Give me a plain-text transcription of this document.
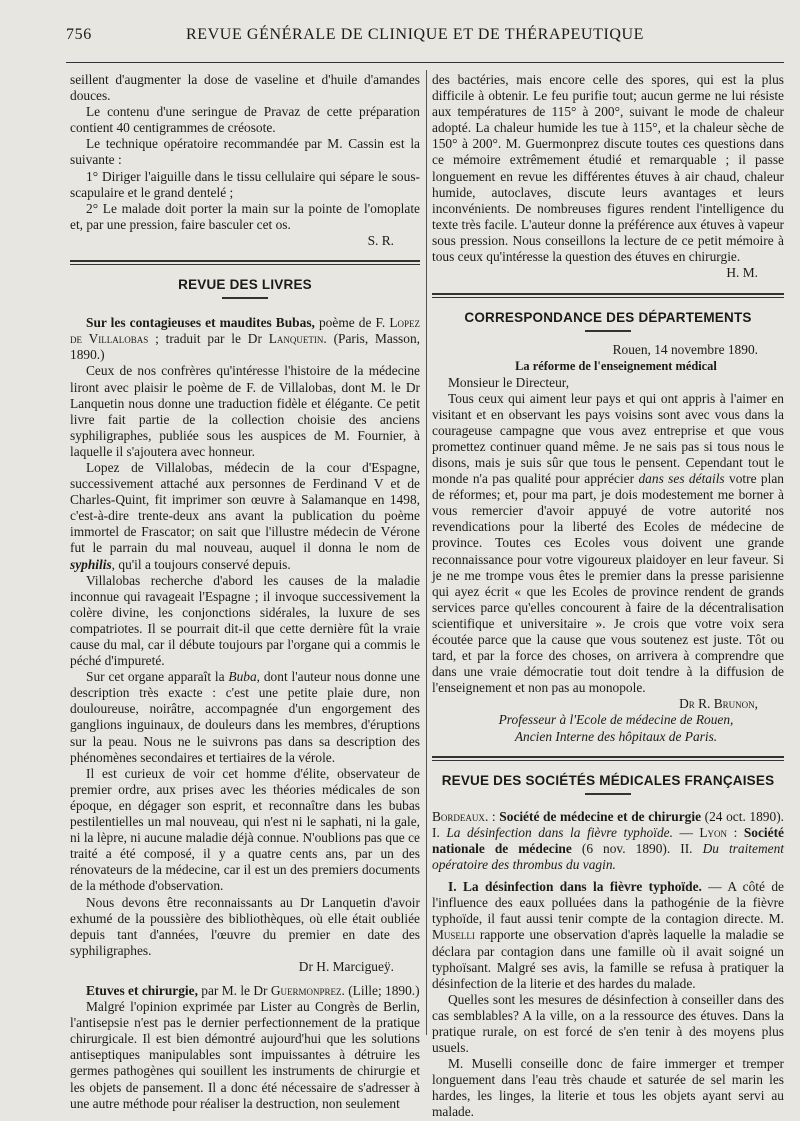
756	REVUE GÉNÉRALE DE CLINIQUE ET DE THÉRAPEUTIQUE

seillent d'augmenter la dose de vaseline et d'huile d'amandes douces.

Le contenu d'une seringue de Pravaz de cette préparation contient 40 centigrammes de créosote.

Le technique opératoire recommandée par M. Cassin est la suivante :

1° Diriger l'aiguille dans le tissu cellulaire qui sépare le sous-scapulaire et le grand dentelé ;

2° Le malade doit porter la main sur la pointe de l'omoplate et, par une pression, faire basculer cet os.

S. R.

REVUE DES LIVRES

Sur les contagieuses et maudites Bubas, poème de F. Lopez de Villalobas ; traduit par le Dr Lanquetin. (Paris, Masson, 1890.)

Ceux de nos confrères qu'intéresse l'histoire de la médecine liront avec plaisir le poème de F. de Villalobas, dont M. le Dr Lanquetin nous donne une traduction fidèle et élégante. Ce petit livre fait partie de la collection choisie des anciens syphiligraphes, publiée sous les auspices de M. Fournier, à laquelle il s'ajoutera avec honneur.

Lopez de Villalobas, médecin de la cour d'Espagne, successivement attaché aux personnes de Ferdinand V et de Charles-Quint, fit imprimer son œuvre à Salamanque en 1498, c'est-à-dire trente-deux ans avant la publication du poème immortel de Frascator; on sait que l'illustre médecin de Vérone fut le parrain du mal nouveau, auquel il donna le nom de syphilis, qu'il a toujours conservé depuis.

Villalobas recherche d'abord les causes de la maladie inconnue qui ravageait l'Espagne ; il invoque successivement la colère divine, les conjonctions sidérales, la luxure de ses compatriotes. Il se pourrait dit-il que cette dernière fût la vraie cause du mal, car il débute toujours par l'organe qui a commis le péché d'impureté.

Sur cet organe apparaît la Buba, dont l'auteur nous donne une description très exacte : c'est une petite plaie dure, non douloureuse, noirâtre, accompagnée d'un engorgement des ganglions inguinaux, de douleurs dans les membres, d'éruptions sur la peau. Nous ne le suivrons pas dans sa description des phénomènes secondaires et tertiaires de la vérole.

Il est curieux de voir cet homme d'élite, observateur de premier ordre, aux prises avec les théories médicales de son époque, en dégager son esprit, et reconnaître dans les bubas pestilentielles un mal nouveau, qui n'est ni le saphati, ni la gale, ni la lèpre, ni aucune maladie déjà connue. N'oublions pas que ce traité a été composé, il y a quatre cents ans, par un des rénovateurs de la médecine, car il est un des premiers documents de la méthode d'observation.

Nous devons être reconnaissants au Dr Lanquetin d'avoir exhumé de la poussière des bibliothèques, où elle était oubliée depuis tant d'années, l'œuvre du premier en date des syphiligraphes.

Dr H. Marcigueÿ.

Etuves et chirurgie, par M. le Dr Guermonprez. (Lille; 1890.)

Malgré l'opinion exprimée par Lister au Congrès de Berlin, l'antisepsie n'est pas le dernier perfectionnement de la pratique chirurgicale. Il est bien démontré aujourd'hui que les solutions antiseptiques manipulables sont impuissantes à détruire les germes pathogènes qui souillent les instruments de chirurgie et les objets de pansement. Il a donc été nécessaire de s'adresser à une autre méthode pour réaliser la destruction, non seulement

des bactéries, mais encore celle des spores, qui est la plus difficile à obtenir. Le feu purifie tout; aucun germe ne lui résiste aux températures de 115° à 200°, suivant le mode de chaleur adopté. La chaleur humide les tue à 115°, et la chaleur sèche de 150° à 200°. M. Guermonprez discute toutes ces questions dans ce mémoire extrêmement étudié et remarquable ; il passe longuement en revue les différentes étuves à air chaud, chaleur humide, autoclaves, discute leurs avantages et leurs inconvénients. De nombreuses figures rendent l'intelligence du texte très facile. L'auteur donne la préférence aux étuves à vapeur sous pression. Nous conseillons la lecture de ce petit mémoire à tous ceux qu'intéresse la question des étuves en chirurgie.

H. M.

CORRESPONDANCE DES DÉPARTEMENTS

Rouen, 14 novembre 1890.

La réforme de l'enseignement médical

Monsieur le Directeur,

Tous ceux qui aiment leur pays et qui ont appris à l'aimer en visitant et en observant les pays voisins sont avec vous dans la courageuse campagne que vous avez entreprise et que vous promettez continuer quand même. Je ne sais pas si tous nous le disons, mais je suis sûr que tous le pensent. Cependant tout le monde n'a pas qualité pour apprécier dans ses détails votre plan de réformes; et, pour ma part, je dois modestement me borner à vous remercier d'avoir appuyé de votre autorité nos revendications pour la liberté des Ecoles de médecine de province. Toutes ces Ecoles vous doivent une grande reconnaissance pour votre vigoureux plaidoyer en leur faveur. Si je ne me trompe vous êtes le premier dans la presse parisienne qui ayez écrit « que les Ecoles de province rendent de grands services parce qu'elles concourent à faire de la décentralisation scientifique et universitaire ». Je crois que votre voix sera écoutée parce que la cause que vous soutenez est juste. Tôt ou tard, et par la force des choses, on arrivera à comprendre que dans une vraie démocratie tout doit tendre à la diffusion de l'enseignement et non pas au monopole.

Dr R. Brunon,

Professeur à l'Ecole de médecine de Rouen,

Ancien Interne des hôpitaux de Paris.

REVUE DES SOCIÉTÉS MÉDICALES FRANÇAISES

Bordeaux. : Société de médecine et de chirurgie (24 oct. 1890). I. La désinfection dans la fièvre typhoïde. — Lyon : Société nationale de médecine (6 nov. 1890). II. Du traitement opératoire des thrombus du vagin.

I. La désinfection dans la fièvre typhoïde. — A côté de l'influence des eaux polluées dans la pathogénie de la fièvre typhoïde, il faut aussi tenir compte de la contagion directe. M. Muselli rapporte une observation d'après laquelle la maladie se déclara par contagion dans une famille où il avait soigné un typhoïsant. Malgré ses avis, la famille se refusa à pratiquer la désinfection de la literie et des hardes du malade.

Quelles sont les mesures de désinfection à conseiller dans des cas semblables? A la ville, on a la ressource des étuves. Dans la pratique rurale, on est forcé de s'en tenir à des moyens plus usuels.

M. Muselli conseille donc de faire immerger et tremper longuement dans l'eau très chaude et saturée de sel marin les hardes, les linges, la literie et tous les objets ayant servi au malade.
